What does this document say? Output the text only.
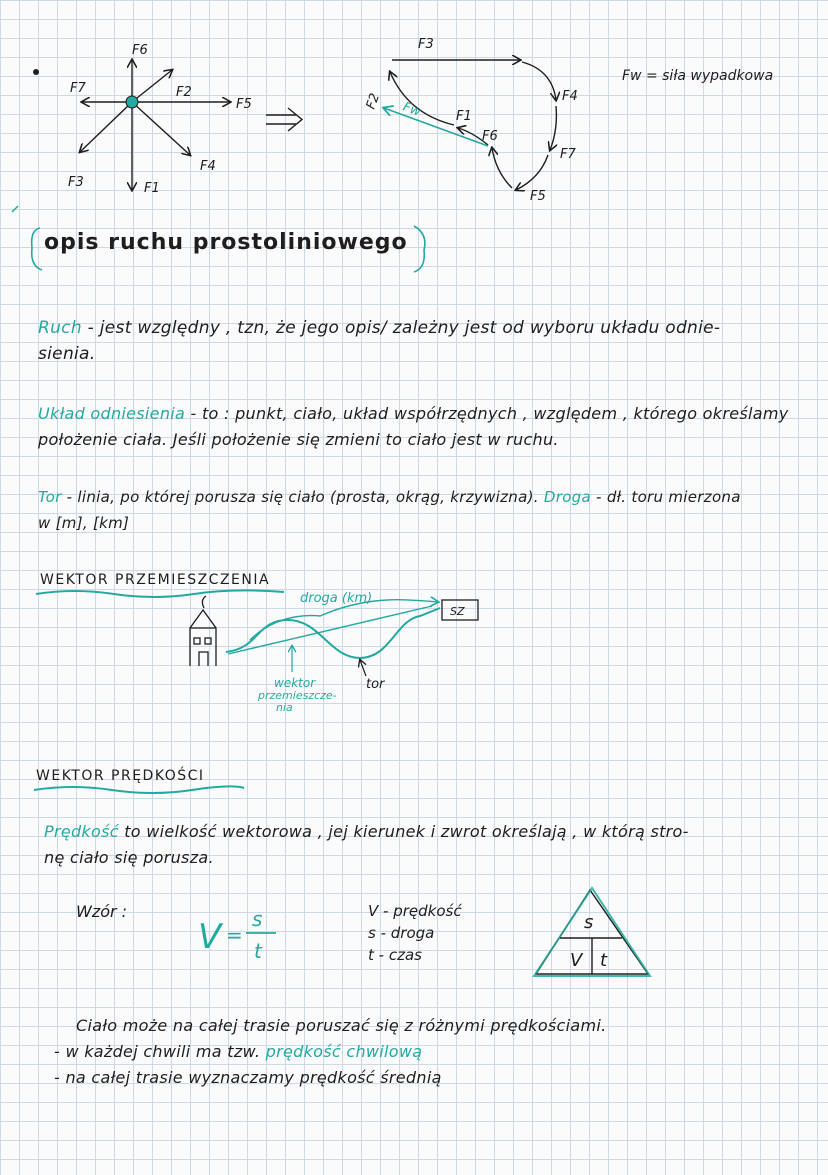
F6
F7	F2
F5
F3	F1
F4
F3
F4
F7
F5
F6
F1
F2 Fw
Fw = siła wypadkowa
opis ruchu prostoliniowego
Ruch - jest względny , tzn, że jego opis/ zależny jest od wyboru układu odnie-
sienia.
Układ odniesienia - to : punkt, ciało, układ współrzędnych , względem , którego określamy
położenie ciała. Jeśli położenie się zmieni to ciało jest w ruchu.
Tor - linia, po której porusza się ciało (prosta, okrąg, krzywizna). Droga - dł. toru mierzona
w [m], [km]
WEKTOR PRZEMIESZCZENIA
SZ
droga (km)
wektor
przemieszcze-
nia
tor
WEKTOR PRĘDKOŚCI
Prędkość to wielkość wektorowa , jej kierunek i zwrot określają , w którą stro-
nę ciało się porusza.
Wzór :
V =
s
t
V - prędkość
s - droga
t - czas
s
V t
Ciało może na całej trasie poruszać się z różnymi prędkościami.
- w każdej chwili ma tzw. prędkość chwilową
- na całej trasie wyznaczamy prędkość średnią
